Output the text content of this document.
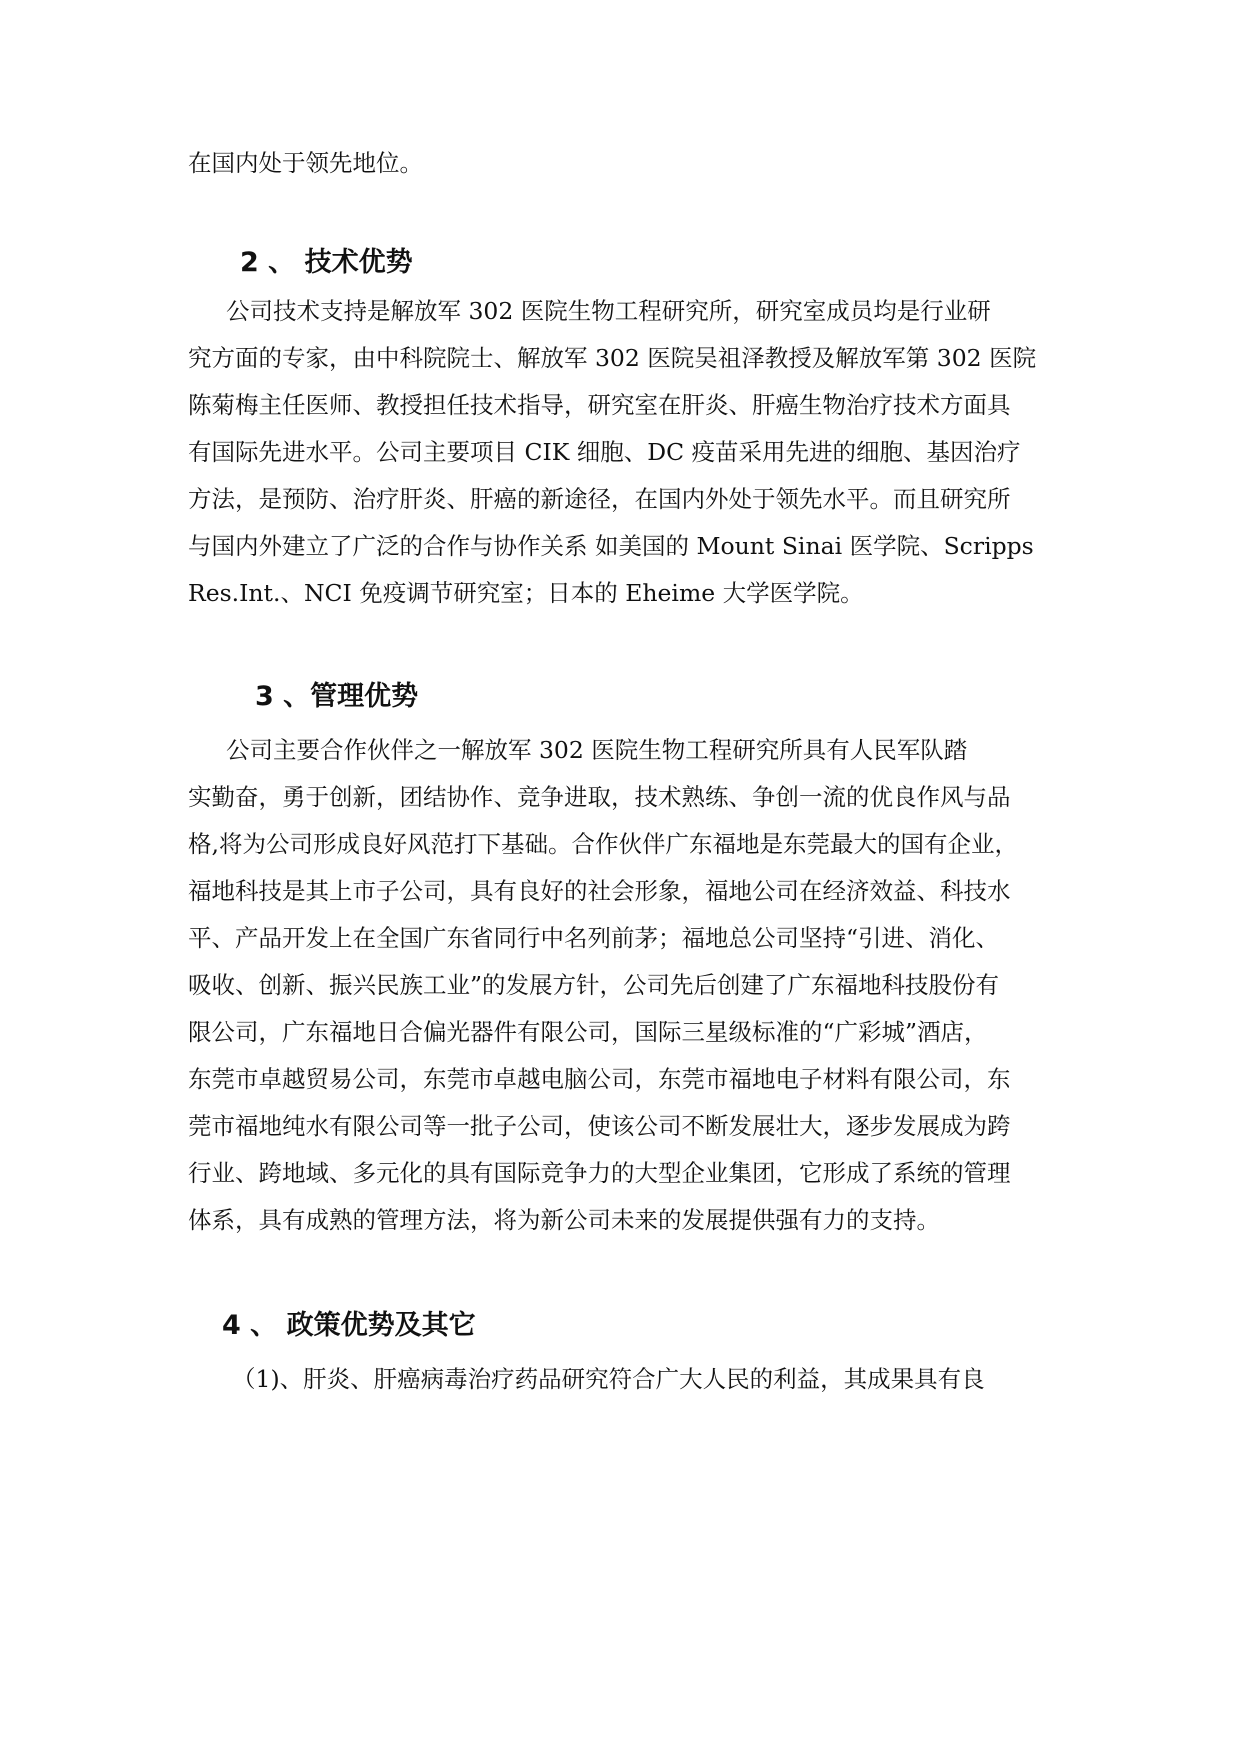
在国内处于领先地位。
2 、 技术优势
公司技术支持是解放军 302 医院生物工程研究所，研究室成员均是行业研
究方面的专家，由中科院院士、解放军 302 医院吴祖泽教授及解放军第 302 医院
陈菊梅主任医师、教授担任技术指导，研究室在肝炎、肝癌生物治疗技术方面具
有国际先进水平。公司主要项目 CIK 细胞、DC 疫苗采用先进的细胞、基因治疗
方法，是预防、治疗肝炎、肝癌的新途径，在国内外处于领先水平。而且研究所
与国内外建立了广泛的合作与协作关系 如美国的 Mount Sinai 医学院、Scripps
Res.Int.、NCI 免疫调节研究室；日本的 Eheime 大学医学院。
3 、管理优势
公司主要合作伙伴之一解放军 302 医院生物工程研究所具有人民军队踏
实勤奋，勇于创新，团结协作、竞争进取，技术熟练、争创一流的优良作风与品
格,将为公司形成良好风范打下基础。合作伙伴广东福地是东莞最大的国有企业，
福地科技是其上市子公司，具有良好的社会形象，福地公司在经济效益、科技水
平、产品开发上在全国广东省同行中名列前茅；福地总公司坚持“引进、消化、
吸收、创新、振兴民族工业”的发展方针，公司先后创建了广东福地科技股份有
限公司，广东福地日合偏光器件有限公司，国际三星级标准的“广彩城”酒店，
东莞市卓越贸易公司，东莞市卓越电脑公司，东莞市福地电子材料有限公司，东
莞市福地纯水有限公司等一批子公司，使该公司不断发展壮大，逐步发展成为跨
行业、跨地域、多元化的具有国际竞争力的大型企业集团，它形成了系统的管理
体系，具有成熟的管理方法，将为新公司未来的发展提供强有力的支持。
4 、 政策优势及其它
（1)、肝炎、肝癌病毒治疗药品研究符合广大人民的利益，其成果具有良
